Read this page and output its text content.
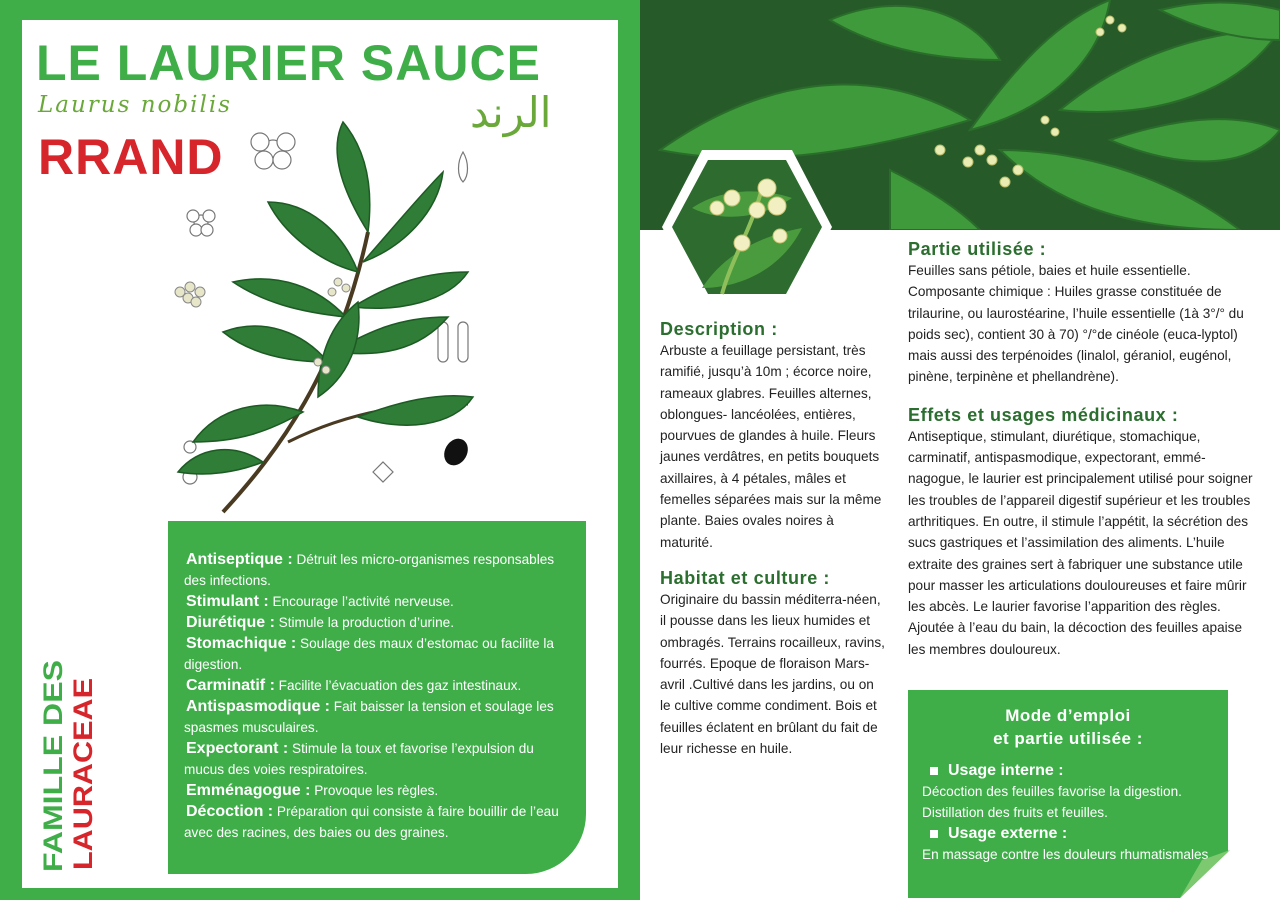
LE LAURIER SAUCE
Laurus nobilis	الرند
RRAND
FAMILLE DES LAURACEAE
Antiseptique : Détruit les micro-organismes responsables des infections.
Stimulant : Encourage l’activité nerveuse.
Diurétique : Stimule la production d’urine.
Stomachique : Soulage des maux d’estomac ou facilite la digestion.
Carminatif : Facilite l’évacuation des gaz intestinaux.
Antispasmodique : Fait baisser la tension et soulage les spasmes musculaires.
Expectorant : Stimule la toux et favorise l’expulsion du mucus des voies respiratoires.
Emménagogue : Provoque les règles.
Décoction : Préparation qui consiste à faire bouillir de l’eau avec des racines, des baies ou des graines.
Description :

Arbuste a feuillage persistant, très ramifié, jusqu’à 10m ; écorce noire, rameaux glabres. Feuilles alternes, oblongues- lancéolées, entières, pourvues de glandes à huile. Fleurs jaunes verdâtres, en petits bouquets axillaires, à 4 pétales, mâles et femelles séparées mais sur la même plante. Baies ovales noires à maturité.

Habitat et culture :

Originaire du bassin méditerra-néen, il pousse dans les lieux humides et ombragés. Terrains rocailleux, ravins, fourrés. Epoque de floraison Mars- avril .Cultivé dans les jardins, ou on le cultive comme condiment. Bois et feuilles éclatent en brûlant du fait de leur richesse en huile.

Partie utilisée :

Feuilles sans pétiole, baies et huile essentielle. Composante chimique : Huiles grasse constituée de trilaurine, ou laurostéarine, l’huile essentielle (1à 3°/° du poids sec), contient 30 à 70) °/°de cinéole (euca-lyptol) mais aussi des terpénoides (linalol, géraniol, eugénol, pinène, terpinène et phellandrène).

Effets et usages médicinaux :

Antiseptique, stimulant, diurétique, stomachique, carminatif, antispasmodique, expectorant, emmé-nagogue, le laurier est principalement utilisé pour soigner les troubles de l’appareil digestif supérieur et les troubles arthritiques. En outre, il stimule l’appétit, la sécrétion des sucs gastriques et l’assimilation des aliments. L’huile extraite des graines sert à fabriquer une substance utile pour masser les articulations douloureuses et faire mûrir les abcès. Le laurier favorise l’apparition des règles. Ajoutée à l’eau du bain, la décoction des feuilles apaise les membres douloureux.

Mode d’emploi
et partie utilisée :
Usage interne :
Décoction des feuilles favorise la digestion.
Distillation des fruits et feuilles.
Usage externe :
En massage contre les douleurs rhumatismales.
